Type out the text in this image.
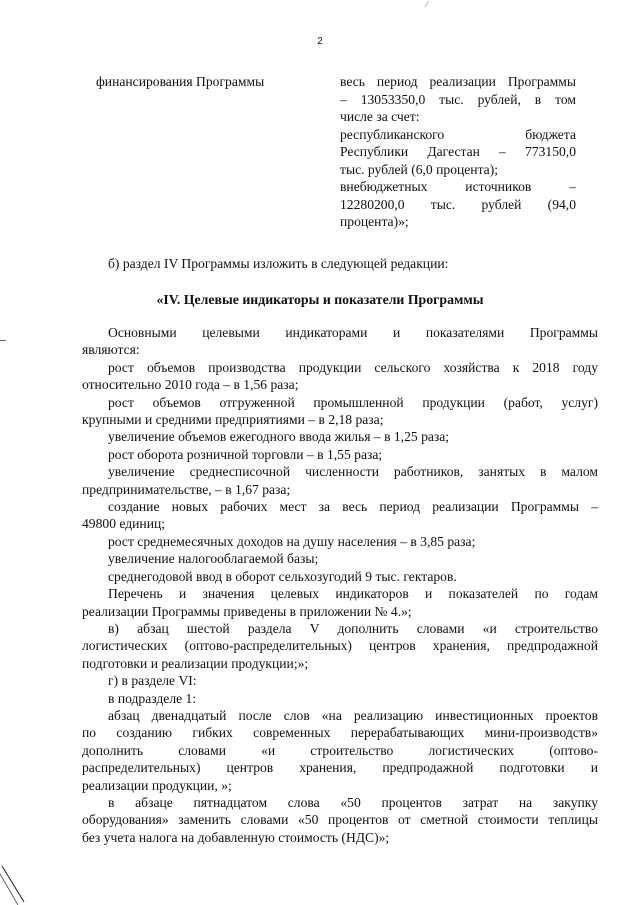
2
финансирования Программы	весь период реализации Программы
– 13053350,0 тыс. рублей, в том
числе за счет:
республиканского бюджета
Республики Дагестан – 773150,0
тыс. рублей (6,0 процента);
внебюджетных источников –
12280200,0 тыс. рублей (94,0
процента)»;
б) раздел IV Программы изложить в следующей редакции:
«IV. Целевые индикаторы и показатели Программы
Основными целевыми индикаторами и показателями Программы
являются:
рост объемов производства продукции сельского хозяйства к 2018 году
относительно 2010 года – в 1,56 раза;
рост объемов отгруженной промышленной продукции (работ, услуг)
крупными и средними предприятиями – в 2,18 раза;
увеличение объемов ежегодного ввода жилья – в 1,25 раза;
рост оборота розничной торговли – в 1,55 раза;
увеличение среднесписочной численности работников, занятых в малом
предпринимательстве, – в 1,67 раза;
создание новых рабочих мест за весь период реализации Программы –
49800 единиц;
рост среднемесячных доходов на душу населения – в 3,85 раза;
увеличение налогооблагаемой базы;
среднегодовой ввод в оборот сельхозугодий 9 тыс. гектаров.
Перечень и значения целевых индикаторов и показателей по годам
реализации Программы приведены в приложении № 4.»;
в) абзац шестой раздела V дополнить словами «и строительство
логистических (оптово-распределительных) центров хранения, предпродажной
подготовки и реализации продукции;»;
г) в разделе VI:
в подразделе 1:
абзац двенадцатый после слов «на реализацию инвестиционных проектов
по созданию гибких современных перерабатывающих мини-производств»
дополнить словами «и строительство логистических (оптово-
распределительных) центров хранения, предпродажной подготовки и
реализации продукции, »;
в абзаце пятнадцатом слова «50 процентов затрат на закупку
оборудования» заменить словами «50 процентов от сметной стоимости теплицы
без учета налога на добавленную стоимость (НДС)»;
